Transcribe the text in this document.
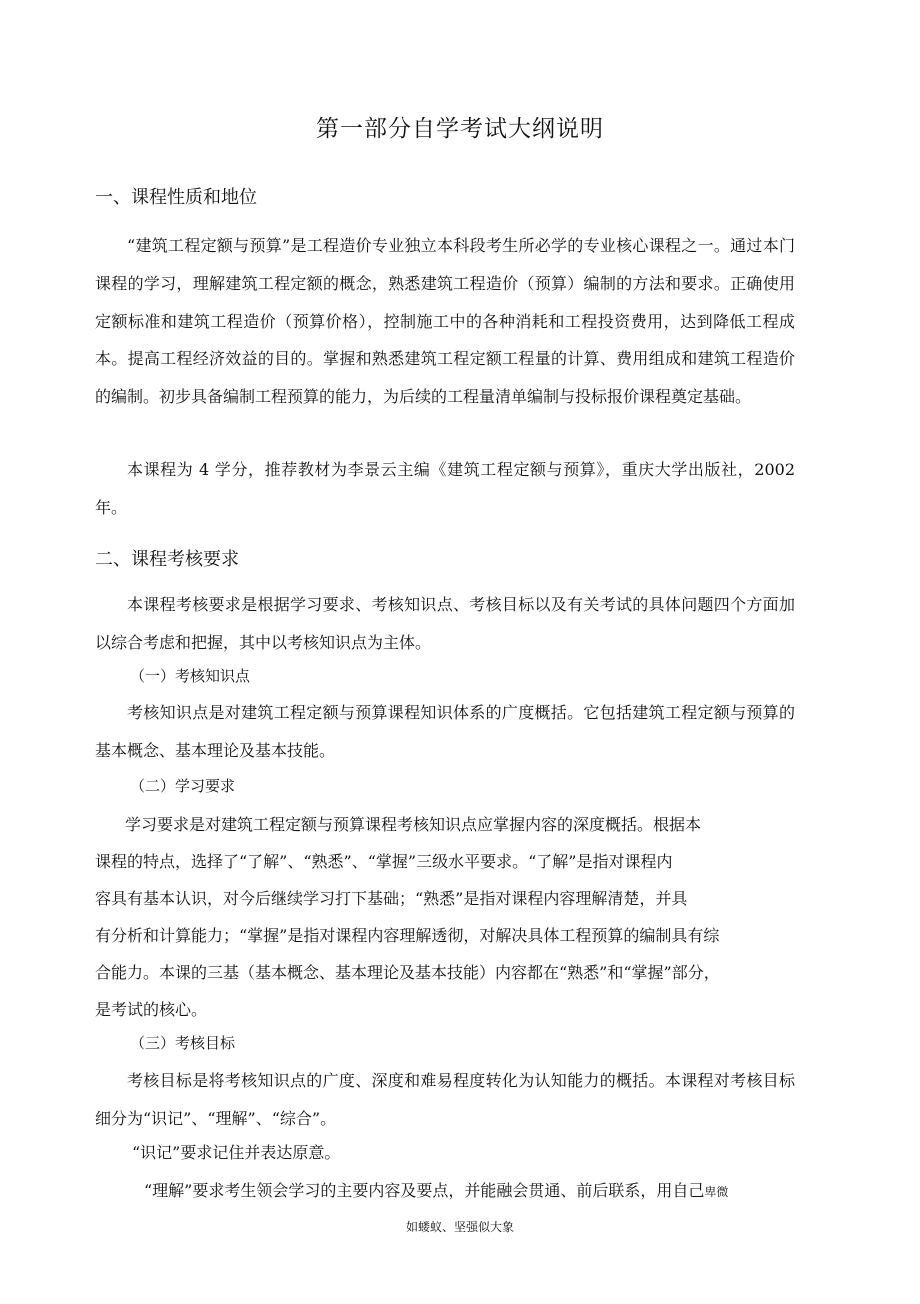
第一部分自学考试大纲说明
一、课程性质和地位
“建筑工程定额与预算”是工程造价专业独立本科段考生所必学的专业核心课程之一。通过本门课程的学习，理解建筑工程定额的概念，熟悉建筑工程造价（预算）编制的方法和要求。正确使用定额标准和建筑工程造价（预算价格），控制施工中的各种消耗和工程投资费用，达到降低工程成本。提高工程经济效益的目的。掌握和熟悉建筑工程定额工程量的计算、费用组成和建筑工程造价的编制。初步具备编制工程预算的能力，为后续的工程量清单编制与投标报价课程奠定基础。
本课程为 4 学分，推荐教材为李景云主编《建筑工程定额与预算》，重庆大学出版社，2002 年。
二、课程考核要求
本课程考核要求是根据学习要求、考核知识点、考核目标以及有关考试的具体问题四个方面加以综合考虑和把握，其中以考核知识点为主体。
（一）考核知识点
考核知识点是对建筑工程定额与预算课程知识体系的广度概括。它包括建筑工程定额与预算的基本概念、基本理论及基本技能。
（二）学习要求
学习要求是对建筑工程定额与预算课程考核知识点应掌握内容的深度概括。根据本
课程的特点，选择了“了解”、“熟悉”、“掌握”三级水平要求。“了解”是指对课程内
容具有基本认识，对今后继续学习打下基础；“熟悉”是指对课程内容理解清楚，并具
有分析和计算能力；“掌握”是指对课程内容理解透彻，对解决具体工程预算的编制具有综
合能力。本课的三基（基本概念、基本理论及基本技能）内容都在“熟悉”和“掌握”部分，
是考试的核心。
（三）考核目标
考核目标是将考核知识点的广度、深度和难易程度转化为认知能力的概括。本课程对考核目标细分为“识记”、“理解”、“综合”。
“识记”要求记住并表达原意。
“理解”要求考生领会学习的主要内容及要点，并能融会贯通、前后联系，用自己卑微
如蝼蚁、坚强似大象
